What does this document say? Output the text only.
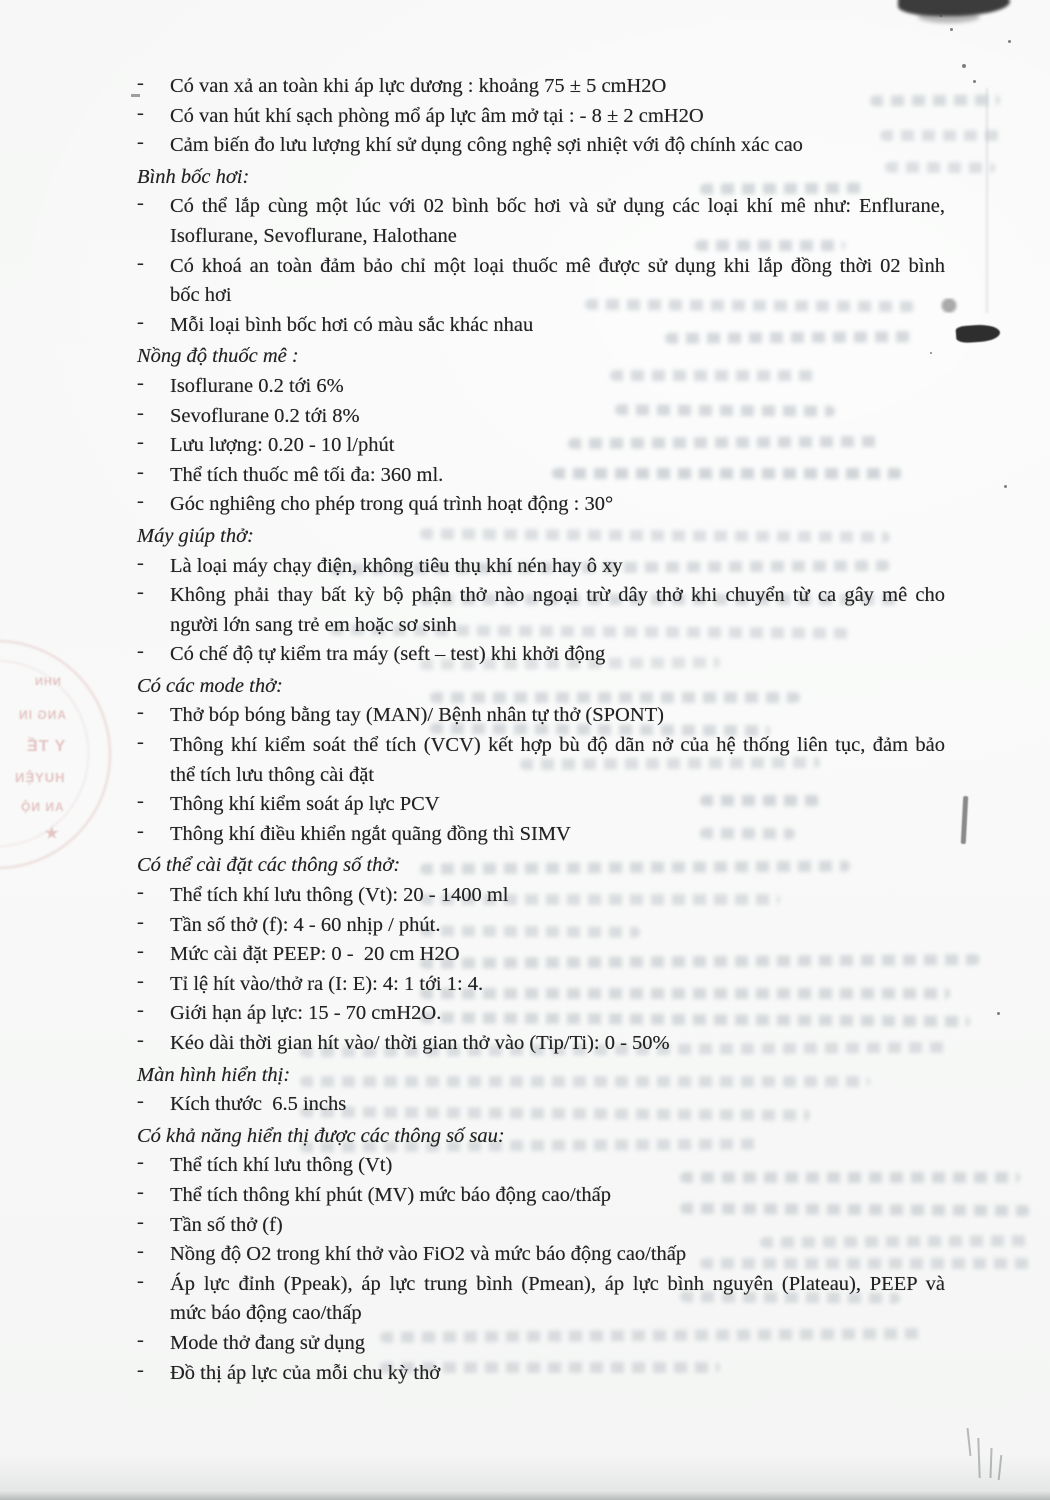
NHN
ANG IN
Y TẾ
HUYỆN
AN NỘ
★
-	Có van xả an toàn khi áp lực dương : khoảng 75 ± 5 cmH2O
-	Có van hút khí sạch phòng mổ áp lực âm mở tại : - 8 ± 2 cmH2O
-	Cảm biến đo lưu lượng khí sử dụng công nghệ sợi nhiệt với độ chính xác cao
Bình bốc hơi:
-	Có thể lắp cùng một lúc với 02 bình bốc hơi và sử dụng các loại khí mê như: Enflurane,
Isoflurane, Sevoflurane, Halothane
-	Có khoá an toàn đảm bảo chỉ một loại thuốc mê được sử dụng khi lắp đồng thời 02 bình
bốc hơi
-	Mỗi loại bình bốc hơi có màu sắc khác nhau
Nồng độ thuốc mê :
-	Isoflurane 0.2 tới 6%
-	Sevoflurane 0.2 tới 8%
-	Lưu lượng: 0.20 - 10 l/phút
-	Thể tích thuốc mê tối đa: 360 ml.
-	Góc nghiêng cho phép trong quá trình hoạt động : 30°
Máy giúp thở:
-	Là loại máy chạy điện, không tiêu thụ khí nén hay ô xy
-	Không phải thay bất kỳ bộ phận thở nào ngoại trừ dây thở khi chuyển từ ca gây mê cho
người lớn sang trẻ em hoặc sơ sinh
-	Có chế độ tự kiểm tra máy (seft – test) khi khởi động
Có các mode thở:
-	Thở bóp bóng bằng tay (MAN)/ Bệnh nhân tự thở (SPONT)
-	Thông khí kiểm soát thể tích (VCV) kết hợp bù độ dãn nở của hệ thống liên tục, đảm bảo
thể tích lưu thông cài đặt
-	Thông khí kiểm soát áp lực PCV
-	Thông khí điều khiển ngắt quãng đồng thì SIMV
Có thể cài đặt các thông số thở:
-	Thể tích khí lưu thông (Vt): 20 - 1400 ml
-	Tần số thở (f): 4 - 60 nhịp / phút.
-	Mức cài đặt PEEP: 0 -  20 cm H2O
-	Tỉ lệ hít vào/thở ra (I: E): 4: 1 tới 1: 4.
-	Giới hạn áp lực: 15 - 70 cmH2O.
-	Kéo dài thời gian hít vào/ thời gian thở vào (Tip/Ti): 0 - 50%
Màn hình hiển thị:
-	Kích thước  6.5 inchs
Có khả năng hiển thị được các thông số sau:
-	Thể tích khí lưu thông (Vt)
-	Thể tích thông khí phút (MV) mức báo động cao/thấp
-	Tần số thở (f)
-	Nồng độ O2 trong khí thở vào FiO2 và mức báo động cao/thấp
-	Áp lực đỉnh (Ppeak), áp lực trung bình (Pmean), áp lực bình nguyên (Plateau), PEEP và
mức báo động cao/thấp
-	Mode thở đang sử dụng
-	Đồ thị áp lực của mỗi chu kỳ thở
